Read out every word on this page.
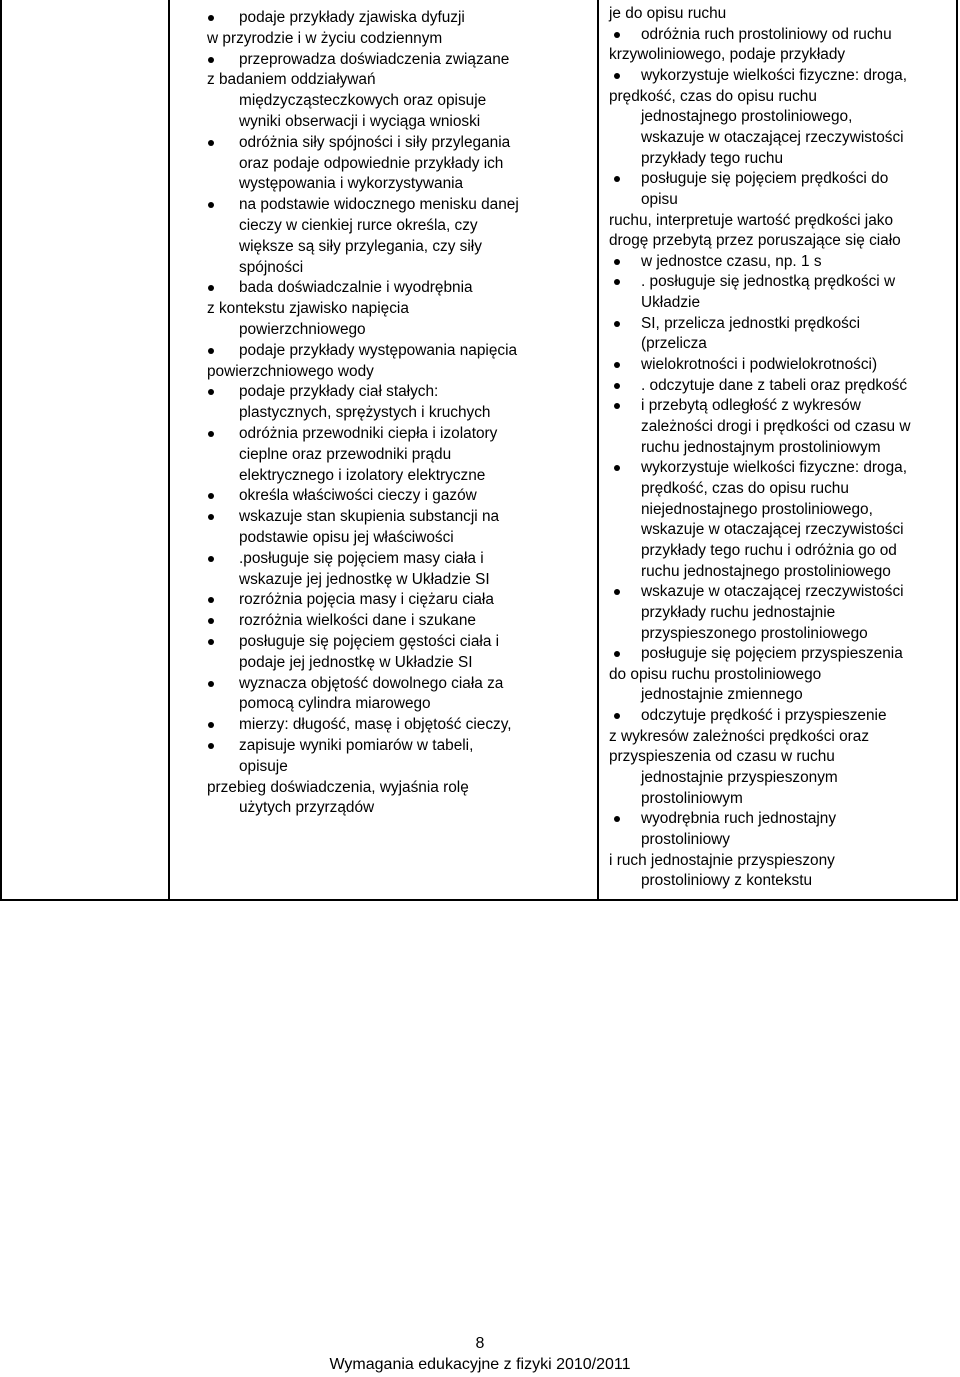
podaje przykłady zjawiska dyfuzji
w przyrodzie i w życiu codziennym
przeprowadza doświadczenia związane
z badaniem oddziaływań
międzycząsteczkowych oraz opisuje
wyniki obserwacji i wyciąga wnioski
odróżnia siły spójności i siły przylegania
oraz podaje odpowiednie przykłady ich
występowania i wykorzystywania
na podstawie widocznego menisku danej
cieczy w cienkiej rurce określa, czy
większe są siły przylegania, czy siły
spójności
bada doświadczalnie i wyodrębnia
z kontekstu zjawisko napięcia
powierzchniowego
podaje przykłady występowania napięcia
powierzchniowego wody
podaje przykłady ciał stałych:
plastycznych, sprężystych i kruchych
odróżnia przewodniki ciepła i izolatory
cieplne oraz przewodniki prądu
elektrycznego i izolatory elektryczne
określa właściwości cieczy i gazów
wskazuje stan skupienia substancji na
podstawie opisu jej właściwości
.posługuje się pojęciem masy ciała i
wskazuje jej jednostkę w Układzie SI
rozróżnia pojęcia masy i ciężaru ciała
rozróżnia wielkości dane i szukane
posługuje się pojęciem gęstości ciała i
podaje jej jednostkę w Układzie SI
wyznacza objętość dowolnego ciała za
pomocą cylindra miarowego
mierzy: długość, masę i objętość cieczy,
zapisuje wyniki pomiarów w tabeli,
opisuje
przebieg doświadczenia, wyjaśnia rolę
użytych przyrządów
je do opisu ruchu
odróżnia ruch prostoliniowy od ruchu
krzywoliniowego, podaje przykłady
wykorzystuje wielkości fizyczne: droga,
prędkość, czas do opisu ruchu
jednostajnego prostoliniowego,
wskazuje w otaczającej rzeczywistości
przykłady tego ruchu
posługuje się pojęciem prędkości do
opisu
ruchu, interpretuje wartość prędkości jako
drogę przebytą przez poruszające się ciało
w jednostce czasu, np. 1 s
. posługuje się jednostką prędkości w
Układzie
SI, przelicza jednostki prędkości
(przelicza
wielokrotności i podwielokrotności)
. odczytuje dane z tabeli oraz prędkość
i przebytą odległość z wykresów
zależności drogi i prędkości od czasu w
ruchu jednostajnym prostoliniowym
wykorzystuje wielkości fizyczne: droga,
prędkość, czas do opisu ruchu
niejednostajnego prostoliniowego,
wskazuje w otaczającej rzeczywistości
przykłady tego ruchu i odróżnia go od
ruchu jednostajnego prostoliniowego
wskazuje w otaczającej rzeczywistości
przykłady ruchu jednostajnie
przyspieszonego prostoliniowego
posługuje się pojęciem przyspieszenia
do opisu ruchu prostoliniowego
jednostajnie zmiennego
odczytuje prędkość i przyspieszenie
z wykresów zależności prędkości oraz
przyspieszenia od czasu w ruchu
jednostajnie przyspieszonym
prostoliniowym
wyodrębnia ruch jednostajny
prostoliniowy
i ruch jednostajnie przyspieszony
prostoliniowy z kontekstu
8
Wymagania edukacyjne z fizyki 2010/2011
